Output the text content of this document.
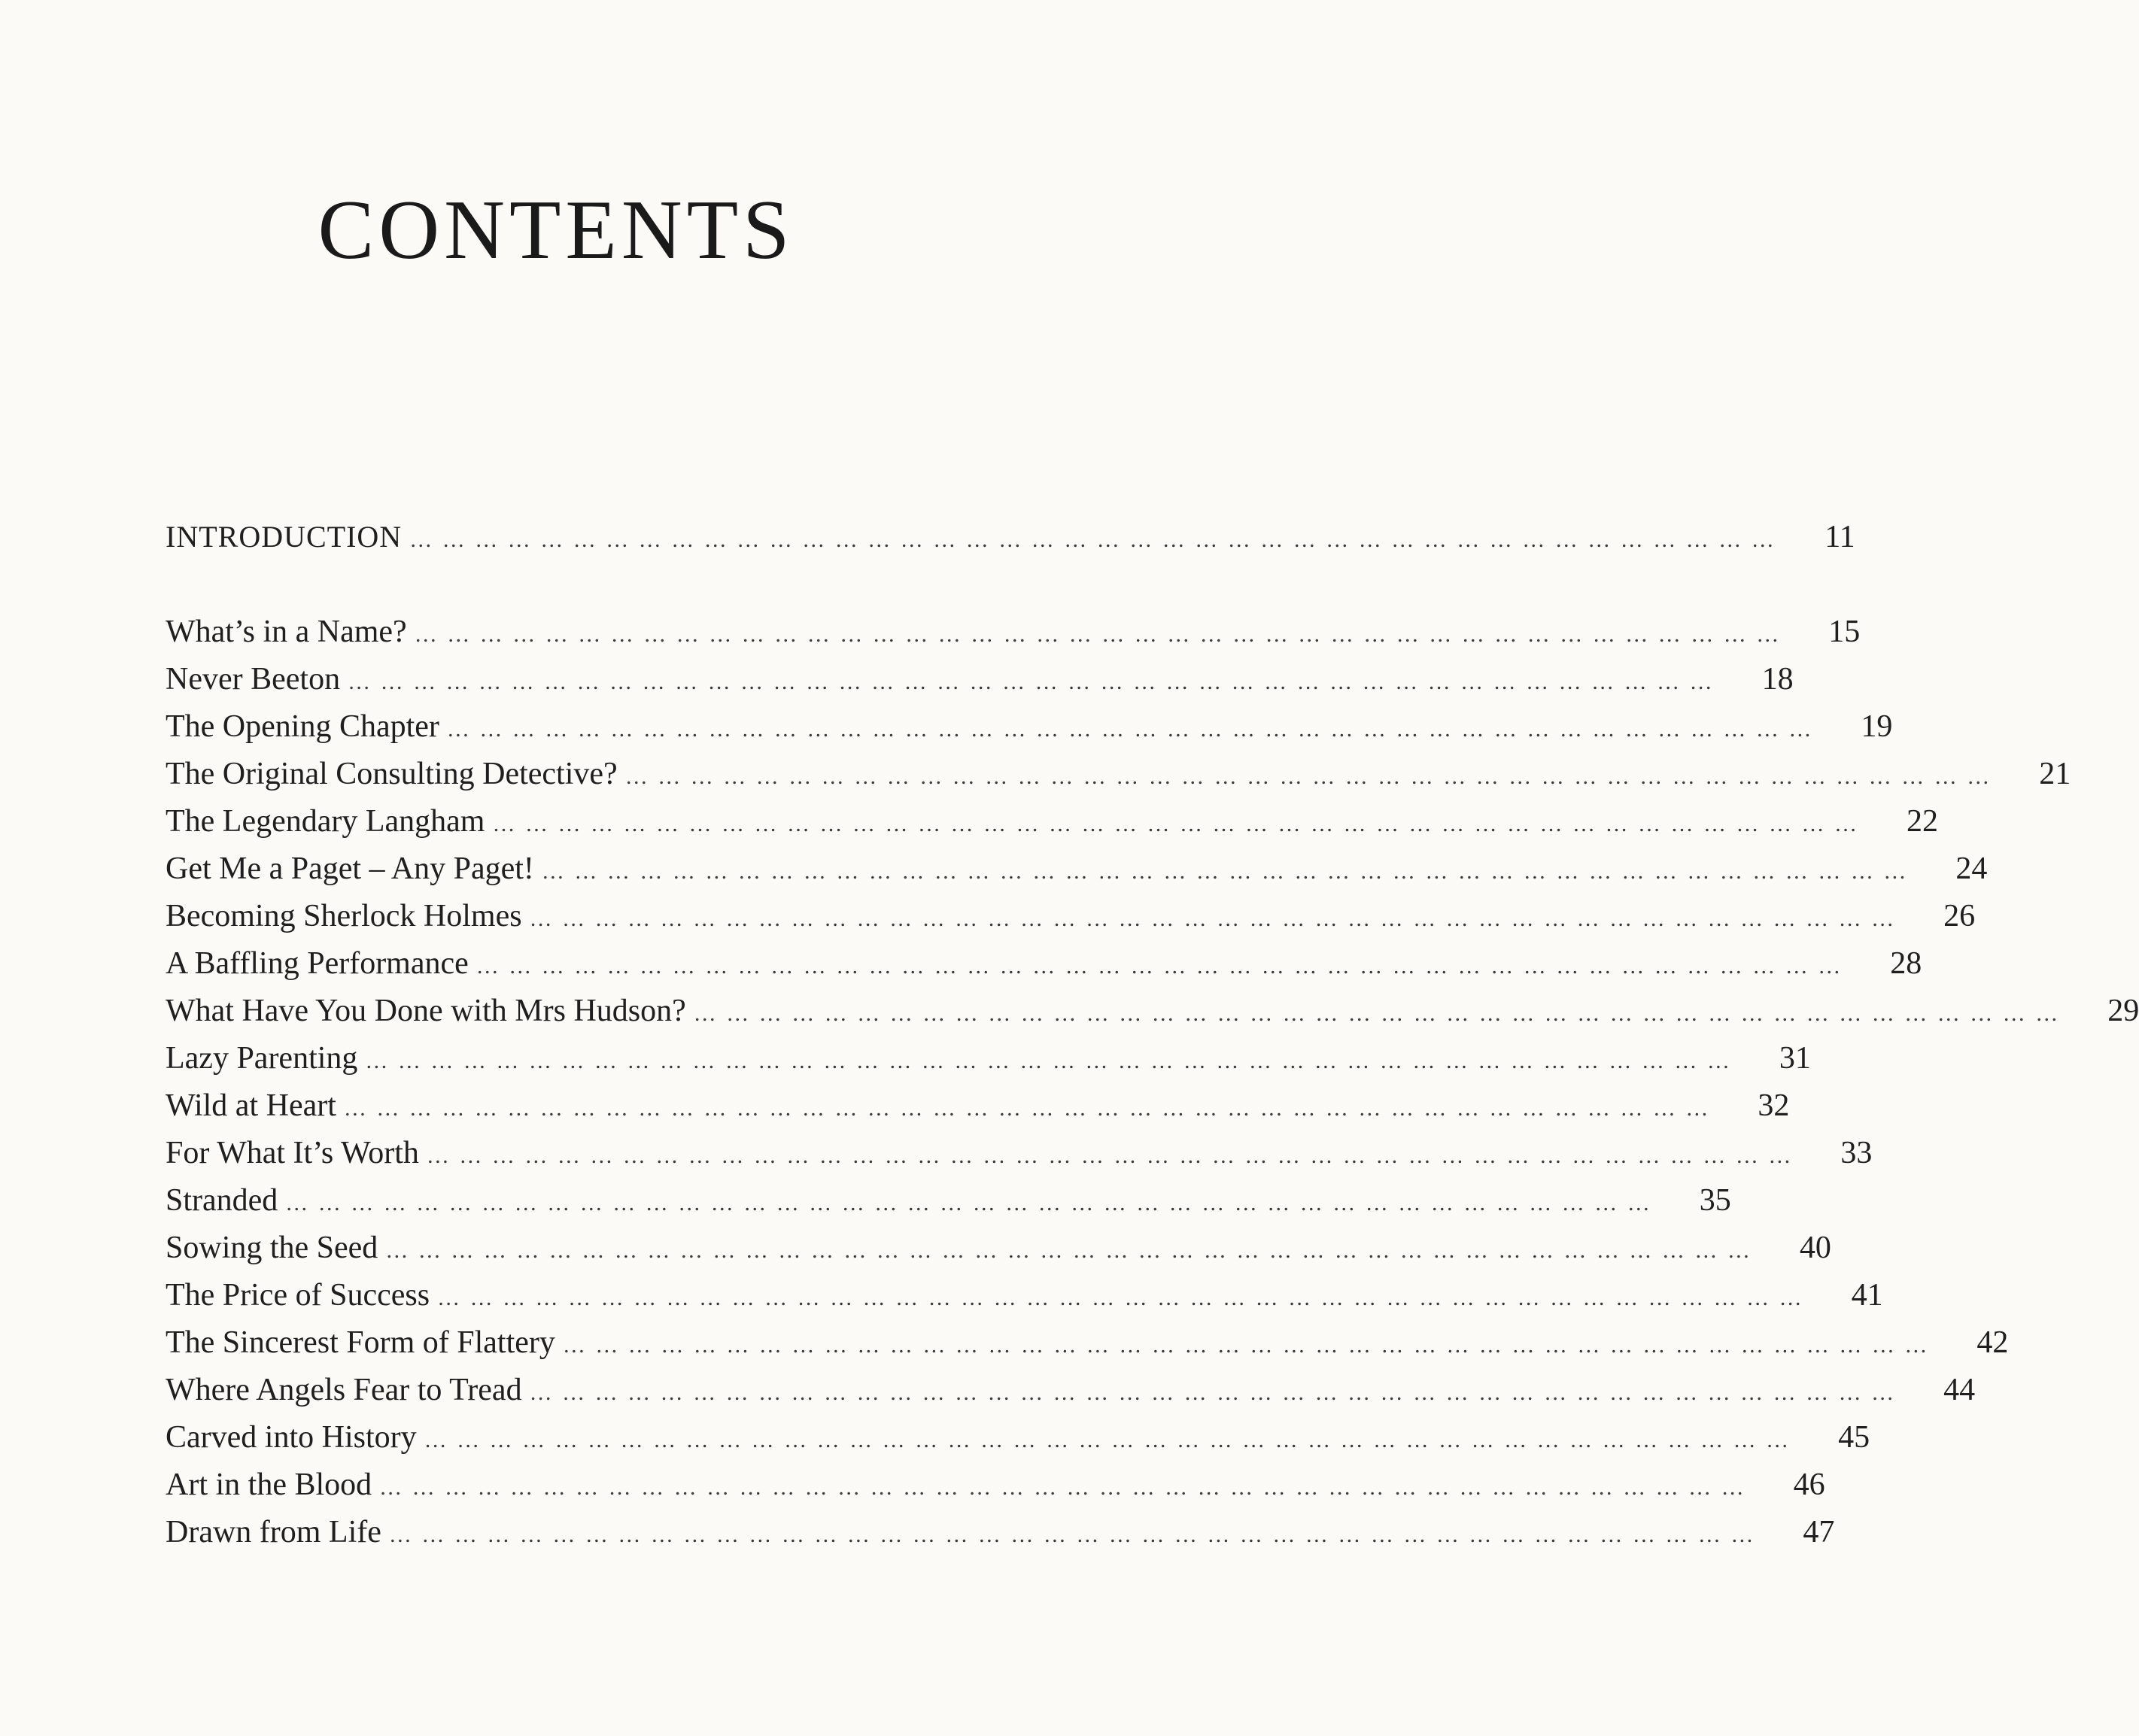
CONTENTS
INTRODUCTION … … … … … … … … … … … … … … … … … … … … … … … … … … … … … … … … … … … … … … … … … … 11
What’s in a Name? … … … … … … … … … … … … … … … … … … … … … … … … … … … … … … … … … … … … … … … … … … 15
Never Beeton … … … … … … … … … … … … … … … … … … … … … … … … … … … … … … … … … … … … … … … … … … 18
The Opening Chapter … … … … … … … … … … … … … … … … … … … … … … … … … … … … … … … … … … … … … … … … … … 19
The Original Consulting Detective? … … … … … … … … … … … … … … … … … … … … … … … … … … … … … … … … … … … … … … … … … … 21
The Legendary Langham … … … … … … … … … … … … … … … … … … … … … … … … … … … … … … … … … … … … … … … … … … 22
Get Me a Paget – Any Paget! … … … … … … … … … … … … … … … … … … … … … … … … … … … … … … … … … … … … … … … … … … 24
Becoming Sherlock Holmes … … … … … … … … … … … … … … … … … … … … … … … … … … … … … … … … … … … … … … … … … … 26
A Baffling Performance … … … … … … … … … … … … … … … … … … … … … … … … … … … … … … … … … … … … … … … … … … 28
What Have You Done with Mrs Hudson? … … … … … … … … … … … … … … … … … … … … … … … … … … … … … … … … … … … … … … … … … … 29
Lazy Parenting … … … … … … … … … … … … … … … … … … … … … … … … … … … … … … … … … … … … … … … … … … 31
Wild at Heart … … … … … … … … … … … … … … … … … … … … … … … … … … … … … … … … … … … … … … … … … … 32
For What It’s Worth … … … … … … … … … … … … … … … … … … … … … … … … … … … … … … … … … … … … … … … … … … 33
Stranded … … … … … … … … … … … … … … … … … … … … … … … … … … … … … … … … … … … … … … … … … … 35
Sowing the Seed … … … … … … … … … … … … … … … … … … … … … … … … … … … … … … … … … … … … … … … … … … 40
The Price of Success … … … … … … … … … … … … … … … … … … … … … … … … … … … … … … … … … … … … … … … … … … 41
The Sincerest Form of Flattery … … … … … … … … … … … … … … … … … … … … … … … … … … … … … … … … … … … … … … … … … … 42
Where Angels Fear to Tread … … … … … … … … … … … … … … … … … … … … … … … … … … … … … … … … … … … … … … … … … … 44
Carved into History … … … … … … … … … … … … … … … … … … … … … … … … … … … … … … … … … … … … … … … … … … 45
Art in the Blood … … … … … … … … … … … … … … … … … … … … … … … … … … … … … … … … … … … … … … … … … … 46
Drawn from Life … … … … … … … … … … … … … … … … … … … … … … … … … … … … … … … … … … … … … … … … … … 47
